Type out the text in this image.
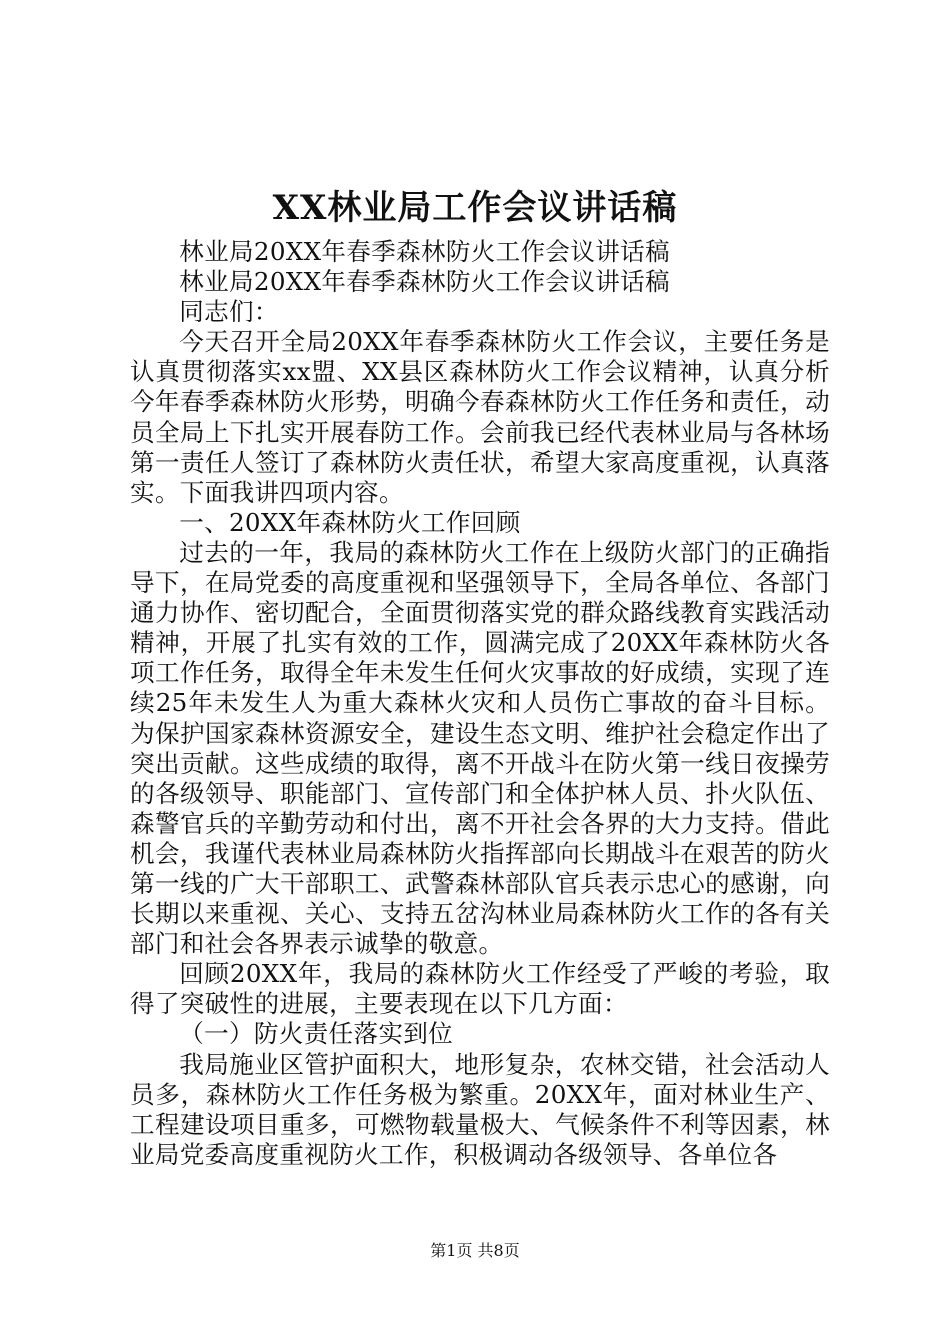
XX林业局工作会议讲话稿

林业局20XX年春季森林防火工作会议讲话稿

林业局20XX年春季森林防火工作会议讲话稿

同志们：

今天召开全局20XX年春季森林防火工作会议，主要任务是认真贯彻落实xx盟、XX县区森林防火工作会议精神，认真分析今年春季森林防火形势，明确今春森林防火工作任务和责任，动员全局上下扎实开展春防工作。会前我已经代表林业局与各林场第一责任人签订了森林防火责任状，希望大家高度重视，认真落实。下面我讲四项内容。

一、20XX年森林防火工作回顾

过去的一年，我局的森林防火工作在上级防火部门的正确指导下，在局党委的高度重视和坚强领导下，全局各单位、各部门通力协作、密切配合，全面贯彻落实党的群众路线教育实践活动精神，开展了扎实有效的工作，圆满完成了20XX年森林防火各项工作任务，取得全年未发生任何火灾事故的好成绩，实现了连续25年未发生人为重大森林火灾和人员伤亡事故的奋斗目标。为保护国家森林资源安全，建设生态文明、维护社会稳定作出了突出贡献。这些成绩的取得，离不开战斗在防火第一线日夜操劳的各级领导、职能部门、宣传部门和全体护林人员、扑火队伍、森警官兵的辛勤劳动和付出，离不开社会各界的大力支持。借此机会，我谨代表林业局森林防火指挥部向长期战斗在艰苦的防火第一线的广大干部职工、武警森林部队官兵表示忠心的感谢，向长期以来重视、关心、支持五岔沟林业局森林防火工作的各有关部门和社会各界表示诚挚的敬意。

回顾20XX年，我局的森林防火工作经受了严峻的考验，取得了突破性的进展，主要表现在以下几方面：

（一）防火责任落实到位

我局施业区管护面积大，地形复杂，农林交错，社会活动人员多，森林防火工作任务极为繁重。20XX年，面对林业生产、工程建设项目重多，可燃物载量极大、气候条件不利等因素，林业局党委高度重视防火工作，积极调动各级领导、各单位各

第1页 共8页
